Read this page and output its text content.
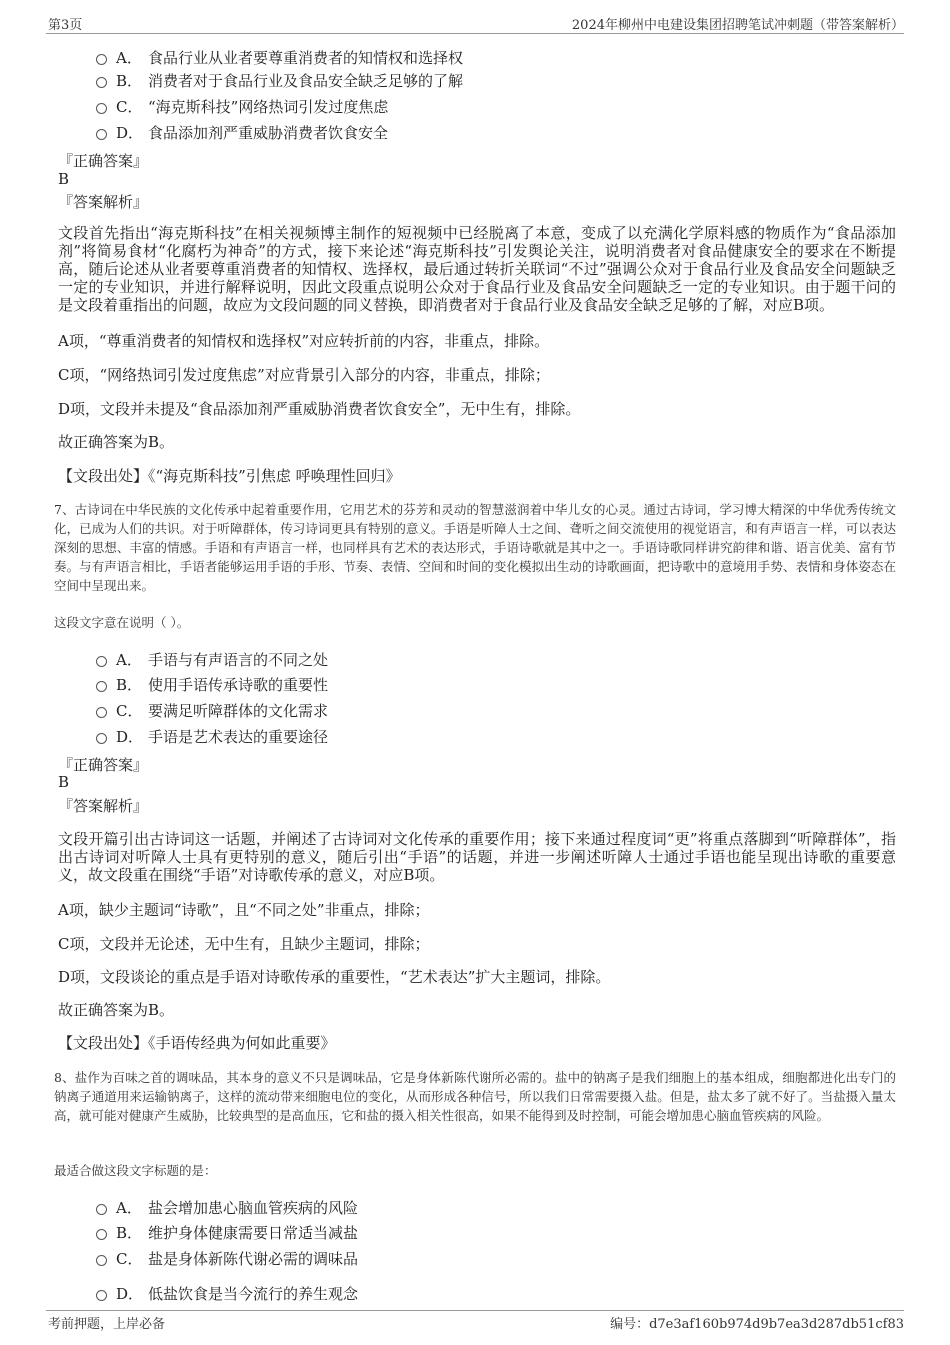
第3页	2024年柳州中电建设集团招聘笔试冲刺题（带答案解析）
A． 食品行业从业者要尊重消费者的知情权和选择权
B． 消费者对于食品行业及食品安全缺乏足够的了解
C． “海克斯科技”网络热词引发过度焦虑
D． 食品添加剂严重威胁消费者饮食安全
『正确答案』
B
『答案解析』
文段首先指出“海克斯科技”在相关视频博主制作的短视频中已经脱离了本意，变成了以充满化学原料感的物质作为“食品添加剂”将简易食材“化腐朽为神奇”的方式，接下来论述“海克斯科技”引发舆论关注，说明消费者对食品健康安全的要求在不断提高，随后论述从业者要尊重消费者的知情权、选择权，最后通过转折关联词“不过”强调公众对于食品行业及食品安全问题缺乏一定的专业知识，并进行解释说明，因此文段重点说明公众对于食品行业及食品安全问题缺乏一定的专业知识。由于题干问的是文段着重指出的问题，故应为文段问题的同义替换，即消费者对于食品行业及食品安全缺乏足够的了解，对应B项。
A项，“尊重消费者的知情权和选择权”对应转折前的内容，非重点，排除。
C项，“网络热词引发过度焦虑”对应背景引入部分的内容，非重点，排除；
D项，文段并未提及“食品添加剂严重威胁消费者饮食安全”，无中生有，排除。
故正确答案为B。
【文段出处】《“海克斯科技”引焦虑 呼唤理性回归》
7、古诗词在中华民族的文化传承中起着重要作用，它用艺术的芬芳和灵动的智慧滋润着中华儿女的心灵。通过古诗词，学习博大精深的中华优秀传统文化，已成为人们的共识。对于听障群体，传习诗词更具有特别的意义。手语是听障人士之间、聋听之间交流使用的视觉语言，和有声语言一样，可以表达深刻的思想、丰富的情感。手语和有声语言一样，也同样具有艺术的表达形式，手语诗歌就是其中之一。手语诗歌同样讲究韵律和谐、语言优美、富有节奏。与有声语言相比，手语者能够运用手语的手形、节奏、表情、空间和时间的变化模拟出生动的诗歌画面，把诗歌中的意境用手势、表情和身体姿态在空间中呈现出来。
这段文字意在说明（ ）。
A． 手语与有声语言的不同之处
B． 使用手语传承诗歌的重要性
C． 要满足听障群体的文化需求
D． 手语是艺术表达的重要途径
『正确答案』
B
『答案解析』
文段开篇引出古诗词这一话题，并阐述了古诗词对文化传承的重要作用；接下来通过程度词“更”将重点落脚到“听障群体”，指出古诗词对听障人士具有更特别的意义，随后引出“手语”的话题，并进一步阐述听障人士通过手语也能呈现出诗歌的重要意义，故文段重在围绕“手语”对诗歌传承的意义，对应B项。
A项，缺少主题词“诗歌”，且“不同之处”非重点，排除；
C项，文段并无论述，无中生有，且缺少主题词，排除；
D项，文段谈论的重点是手语对诗歌传承的重要性，“艺术表达”扩大主题词，排除。
故正确答案为B。
【文段出处】《手语传经典为何如此重要》
8、盐作为百味之首的调味品，其本身的意义不只是调味品，它是身体新陈代谢所必需的。盐中的钠离子是我们细胞上的基本组成，细胞都进化出专门的钠离子通道用来运输钠离子，这样的流动带来细胞电位的变化，从而形成各种信号，所以我们日常需要摄入盐。但是，盐太多了就不好了。当盐摄入量太高，就可能对健康产生威胁，比较典型的是高血压，它和盐的摄入相关性很高，如果不能得到及时控制，可能会增加患心脑血管疾病的风险。
最适合做这段文字标题的是：
A． 盐会增加患心脑血管疾病的风险
B． 维护身体健康需要日常适当减盐
C． 盐是身体新陈代谢必需的调味品
D． 低盐饮食是当今流行的养生观念
考前押题，上岸必备	编号：d7e3af160b974d9b7ea3d287db51cf83
